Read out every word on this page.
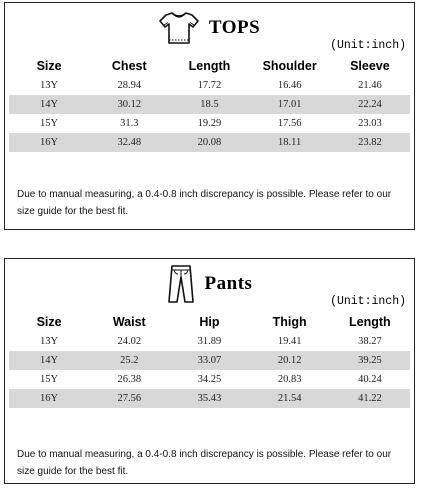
TOPS
(Unit:inch)
Size	Chest	Length	Shoulder	Sleeve
13Y	28.94	17.72	16.46	21.46
14Y	30.12	18.5	17.01	22.24
15Y	31.3	19.29	17.56	23.03
16Y	32.48	20.08	18.11	23.82
Due to manual measuring, a 0.4-0.8 inch discrepancy is possible. Please refer to our size guide for the best fit.
Pants
(Unit:inch)
Size	Waist	Hip	Thigh	Length
13Y	24.02	31.89	19.41	38.27
14Y	25.2	33.07	20.12	39.25
15Y	26.38	34.25	20.83	40.24
16Y	27.56	35.43	21.54	41.22
Due to manual measuring, a 0.4-0.8 inch discrepancy is possible. Please refer to our size guide for the best fit.
